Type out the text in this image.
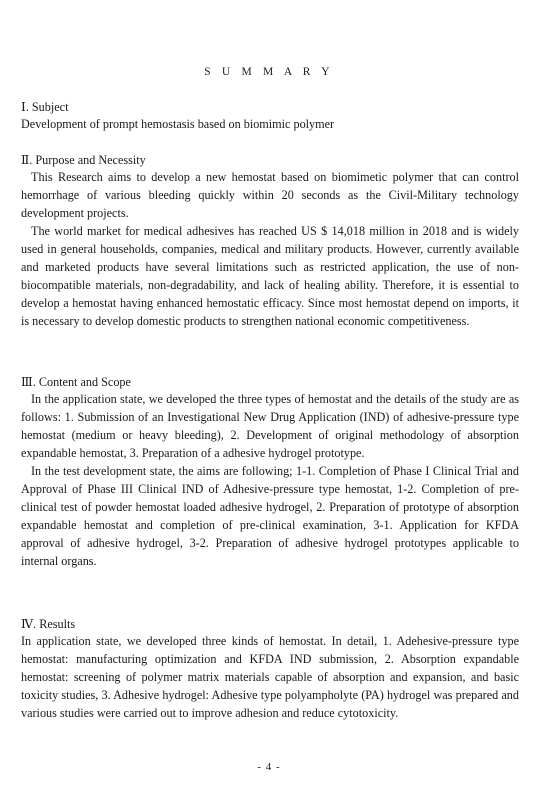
S U M M A R Y
Ⅰ. Subject

Development of prompt hemostasis based on biomimic polymer

Ⅱ. Purpose and Necessity

This Research aims to develop a new hemostat based on biomimetic polymer that can control hemorrhage of various bleeding quickly within 20 seconds as the Civil-Military technology development projects.

The world market for medical adhesives has reached US $ 14,018 million in 2018 and is widely used in general households, companies, medical and military products. However, currently available and marketed products have several limitations such as restricted application, the use of non-biocompatible materials, non-degradability, and lack of healing ability. Therefore, it is essential to develop a hemostat having enhanced hemostatic efficacy. Since most hemostat depend on imports, it is necessary to develop domestic products to strengthen national economic competitiveness.

Ⅲ. Content and Scope

In the application state, we developed the three types of hemostat and the details of the study are as follows: 1. Submission of an Investigational New Drug Application (IND) of adhesive-pressure type hemostat (medium or heavy bleeding), 2. Development of original methodology of absorption expandable hemostat, 3. Preparation of a adhesive hydrogel prototype.

In the test development state, the aims are following; 1-1. Completion of Phase I Clinical Trial and Approval of Phase III Clinical IND of Adhesive-pressure type hemostat, 1-2. Completion of pre-clinical test of powder hemostat loaded adhesive hydrogel, 2. Preparation of prototype of absorption expandable hemostat and completion of pre-clinical examination, 3-1. Application for KFDA approval of adhesive hydrogel, 3-2. Preparation of adhesive hydrogel prototypes applicable to internal organs.

Ⅳ. Results

In application state, we developed three kinds of hemostat. In detail, 1. Adehesive-pressure type hemostat: manufacturing optimization and KFDA IND submission, 2. Absorption expandable hemostat: screening of polymer matrix materials capable of absorption and expansion, and basic toxicity studies, 3. Adhesive hydrogel: Adhesive type polyampholyte (PA) hydrogel was prepared and various studies were carried out to improve adhesion and reduce cytotoxicity.

- 4 -
